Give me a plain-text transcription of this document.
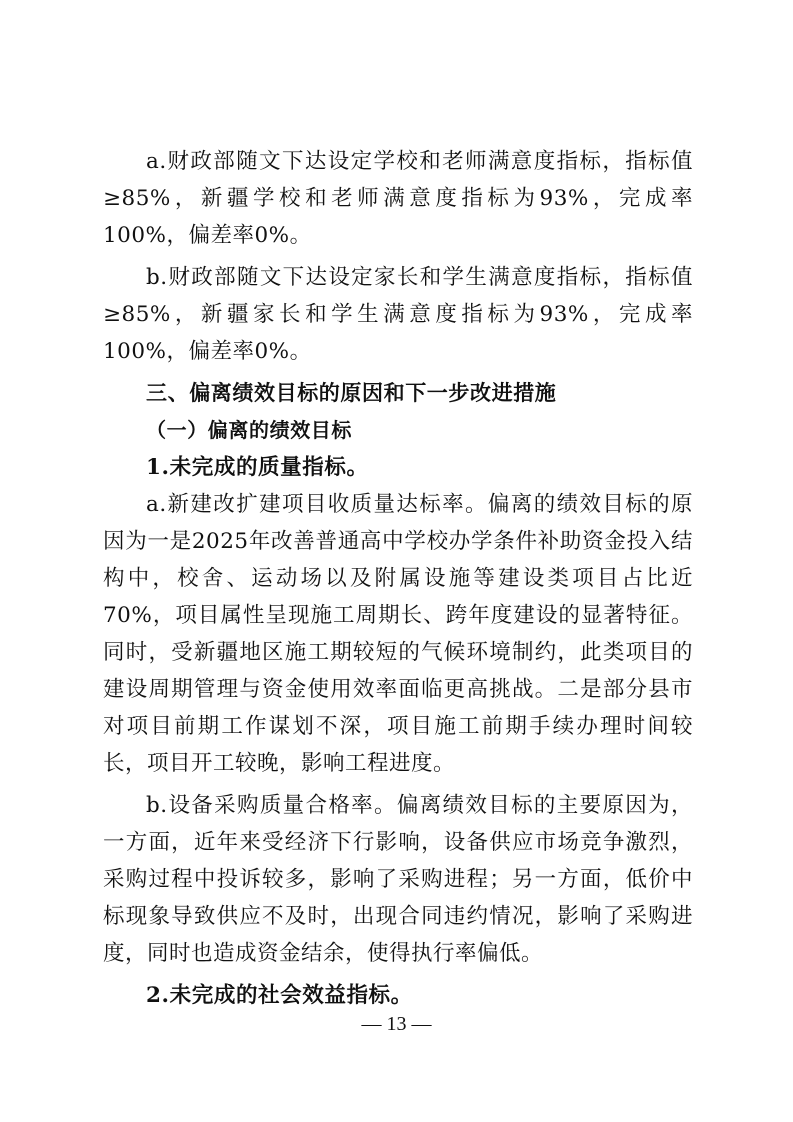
a.财政部随文下达设定学校和老师满意度指标，指标值≥85%，新疆学校和老师满意度指标为93%，完成率100%，偏差率0%。

b.财政部随文下达设定家长和学生满意度指标，指标值≥85%，新疆家长和学生满意度指标为93%，完成率100%，偏差率0%。

三、偏离绩效目标的原因和下一步改进措施
（一）偏离的绩效目标
1.未完成的质量指标。

a.新建改扩建项目收质量达标率。偏离的绩效目标的原因为一是2025年改善普通高中学校办学条件补助资金投入结构中，校舍、运动场以及附属设施等建设类项目占比近70%，项目属性呈现施工周期长、跨年度建设的显著特征。同时，受新疆地区施工期较短的气候环境制约，此类项目的建设周期管理与资金使用效率面临更高挑战。二是部分县市对项目前期工作谋划不深，项目施工前期手续办理时间较长，项目开工较晚，影响工程进度。

b.设备采购质量合格率。偏离绩效目标的主要原因为，一方面，近年来受经济下行影响，设备供应市场竞争激烈，采购过程中投诉较多，影响了采购进程；另一方面，低价中标现象导致供应不及时，出现合同违约情况，影响了采购进度，同时也造成资金结余，使得执行率偏低。

2.未完成的社会效益指标。
— 13 —
